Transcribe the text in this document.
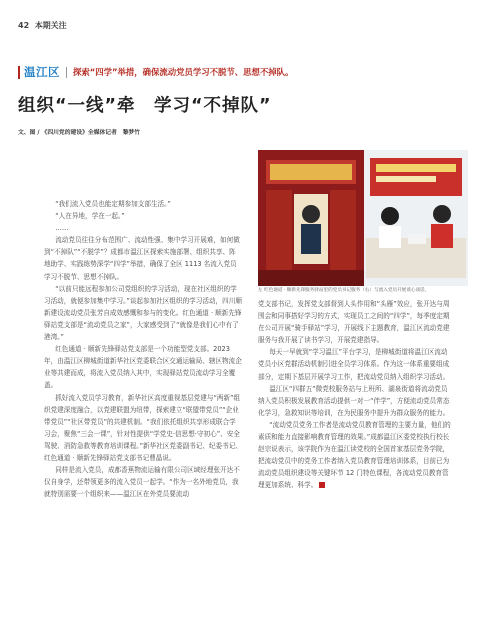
42 本期关注
温江区 探索“四学”举措，确保流动党员学习不脱节、思想不掉队。
组织“一线”牵　学习“不掉队”
文、图 / 《四川党的建设》全媒体记者　黎梦竹
左 红色通道 · 顺新先锋服务驿站里的党员书记服务（右）与流入党员开展谈心谈话。

“我们流入党员也能定期参加支部生活。”

“人在异地，学在一起。”

……

流动党员往往分布范围广、流动性强、集中学习开展难，如何做到“不掉队”“不脱学”？成都市温江区探索实施部署、组织共享、阵地助学、实践练势深学“四学”举措，确保了全区 1113 名流入党员学习不脱节、思想不掉队。

“以前只能远程参加公司党组织的学习活动，现在社区组织的学习活动，就便参加集中学习。”谈起参加社区组织的学习活动，四川顺新建设流动党员张芳自成效感慨和参与的变化。红色通道 · 顺新先锋驿站党支部是“流动党员之家”，大家感受到了“就像是我们心中有了港湾。”

红色通道 · 顺新先锋驿站党支部是一个功能型党支部。2023 年，由温江区柳城街道新华社区党委联合区交通运输局、辖区物流企业等共建而成，将流入党员纳入其中，实现驿站党员流动学习全覆盖。

抓好流入党员学习教育，新华社区高度重视基层党建与“两新”组织党建深度融合，以党建联盟为纽带，探索建立“联盟带党员”“企业带党员”“社区带党员”的共建机制。“我们依托组织共享形成联合学习会，聚焦“三会一课”，针对性提供“学党史·信思想·守初心”、安全驾驶、消防急救等教育培训课程。”新华社区党委副书记、纪委书记、红色通道 · 顺新先锋驿站党支部书记曹晶说。

同样是流入党员，成都香蕉物流运输有限公司区域经理张开达不仅自身学，还带领更多的流入党员一起学。“作为一名外地党员，我就特别需要一个组织来——温江区在外党员要流动

党支部书记，发挥党支部督到人头作用和“头雁”效应，张开达与周围会和同事搭好学习的方式，实现员工之间的“四学”，每季度定期在公司开展“骑手驿站”学习，开展线下主题教育，温江区流动党建服务与我开展了读书学习，开展党建指导。

每天一早就到“学习温江”平台学习，是柳城街道将温江区流动党员小区党群活动机制引进全员学习体系。作为这一体系重要组成部分，定期下基层开展学习工作，把流动党员纳入组织学习活动。

温江区“四群五”微党校服务站与上班所、湖泉街道将流动党员纳入党员积极发展教育活动提供一对一“伴学”，方便流动党员常态化学习，急救知识等培训，在为民服务中提升为群众服务的能力。

“流动党员党务工作者是流动党员教育管理的主要力量，他们的素质和能力直接影响教育管理的效果。”成都温江区委党校执行校长赵宗说表示，该学院作为在温江读党校的全国首家基层党务学院，把流动党员中的党务工作者纳入党员教育管理培训体系，目前已为流动党员组织建设等关键环节 12 门特色课程，各流动党员教育管理更加系统、科学。
